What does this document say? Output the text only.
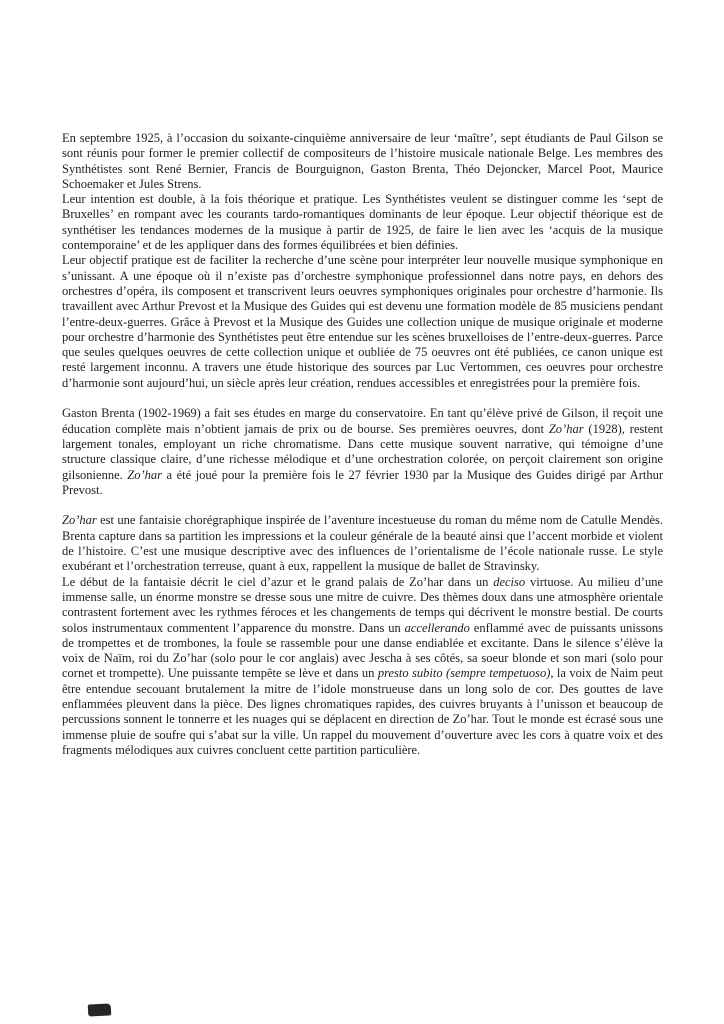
En septembre 1925, à l’occasion du soixante-cinquième anniversaire de leur ‘maître’, sept étudiants de Paul Gilson se sont réunis pour former le premier collectif de compositeurs de l’histoire musicale nationale Belge. Les membres des Synthétistes sont René Bernier, Francis de Bourguignon, Gaston Brenta, Théo Dejoncker, Marcel Poot, Maurice Schoemaker et Jules Strens.

Leur intention est double, à la fois théorique et pratique. Les Synthétistes veulent se distinguer comme les ‘sept de Bruxelles’ en rompant avec les courants tardo-romantiques dominants de leur époque. Leur objectif théorique est de synthétiser les tendances modernes de la musique à partir de 1925, de faire le lien avec les ‘acquis de la musique contemporaine’ et de les appliquer dans des formes équilibrées et bien définies.

Leur objectif pratique est de faciliter la recherche d’une scène pour interpréter leur nouvelle musique symphonique en s’unissant. A une époque où il n’existe pas d’orchestre symphonique professionnel dans notre pays, en dehors des orchestres d’opéra, ils composent et transcrivent leurs oeuvres symphoniques originales pour orchestre d’harmonie. Ils travaillent avec Arthur Prevost et la Musique des Guides qui est devenu une formation modèle de 85 musiciens pendant l’entre-deux-guerres. Grâce à Prevost et la Musique des Guides une collection unique de musique originale et moderne pour orchestre d’harmonie des Synthétistes peut être entendue sur les scènes bruxelloises de l’entre-deux-guerres. Parce que seules quelques oeuvres de cette collection unique et oubliée de 75 oeuvres ont été publiées, ce canon unique est resté largement inconnu. A travers une étude historique des sources par Luc Vertommen, ces oeuvres pour orchestre d’harmonie sont aujourd’hui, un siècle après leur création, rendues accessibles et enregistrées pour la première fois.

Gaston Brenta (1902-1969) a fait ses études en marge du conservatoire. En tant qu’élève privé de Gilson, il reçoit une éducation complète mais n’obtient jamais de prix ou de bourse. Ses premières oeuvres, dont Zo’har (1928), restent largement tonales, employant un riche chromatisme. Dans cette musique souvent narrative, qui témoigne d’une structure classique claire, d’une richesse mélodique et d’une orchestration colorée, on perçoit clairement son origine gilsonienne. Zo’har a été joué pour la première fois le 27 février 1930 par la Musique des Guides dirigé par Arthur Prevost.

Zo’har est une fantaisie chorégraphique inspirée de l’aventure incestueuse du roman du même nom de Catulle Mendès. Brenta capture dans sa partition les impressions et la couleur générale de la beauté ainsi que l’accent morbide et violent de l’histoire. C’est une musique descriptive avec des influences de l’orientalisme de l’école nationale russe. Le style exubérant et l’orchestration terreuse, quant à eux, rappellent la musique de ballet de Stravinsky.

Le début de la fantaisie décrit le ciel d’azur et le grand palais de Zo’har dans un deciso virtuose. Au milieu d’une immense salle, un énorme monstre se dresse sous une mitre de cuivre. Des thèmes doux dans une atmosphère orientale contrastent fortement avec les rythmes féroces et les changements de temps qui décrivent le monstre bestial. De courts solos instrumentaux commentent l’apparence du monstre. Dans un accellerando enflammé avec de puissants unissons de trompettes et de trombones, la foule se rassemble pour une danse endiablée et excitante. Dans le silence s’élève la voix de Naïm, roi du Zo’har (solo pour le cor anglais) avec Jescha à ses côtés, sa soeur blonde et son mari (solo pour cornet et trompette). Une puissante tempête se lève et dans un presto subito (sempre tempetuoso), la voix de Naim peut être entendue secouant brutalement la mitre de l’idole monstrueuse dans un long solo de cor. Des gouttes de lave enflammées pleuvent dans la pièce. Des lignes chromatiques rapides, des cuivres bruyants à l’unisson et beaucoup de percussions sonnent le tonnerre et les nuages qui se déplacent en direction de Zo’har. Tout le monde est écrasé sous une immense pluie de soufre qui s’abat sur la ville. Un rappel du mouvement d’ouverture avec les cors à quatre voix et des fragments mélodiques aux cuivres concluent cette partition particulière.
